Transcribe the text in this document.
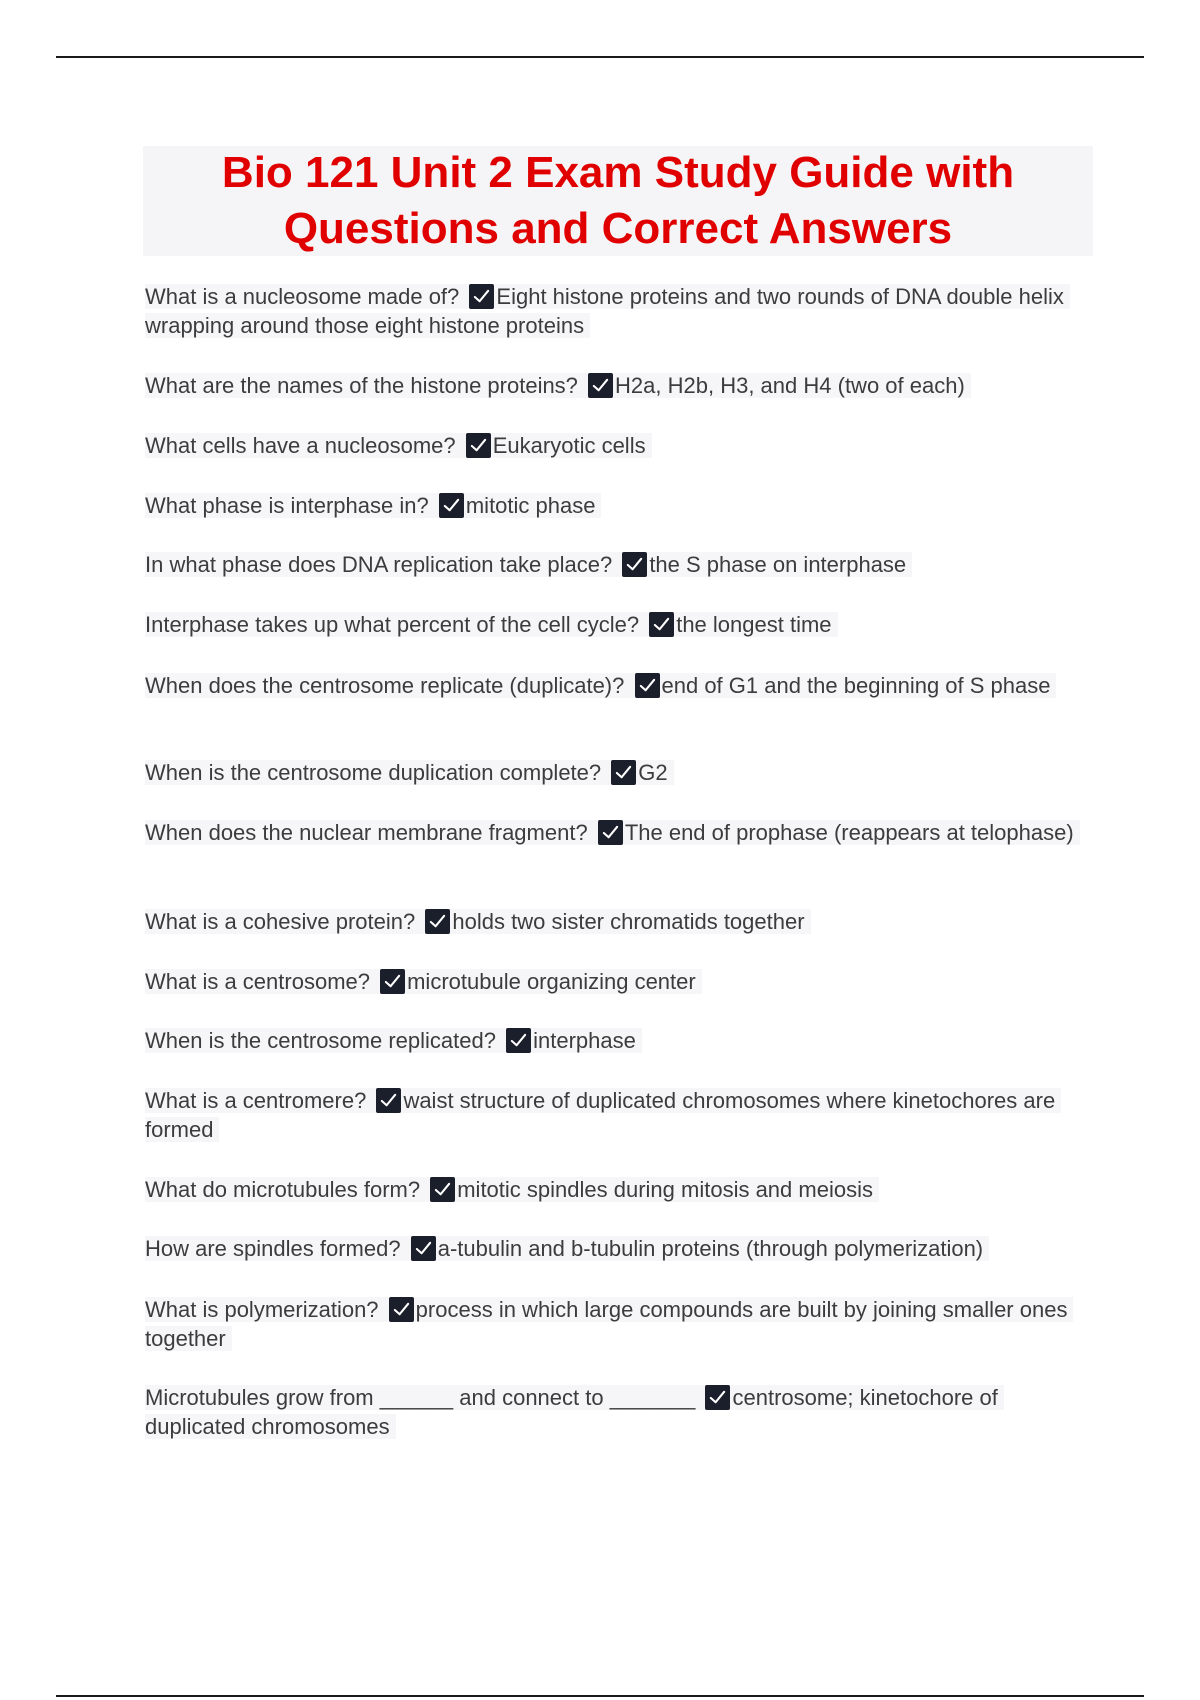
Bio 121 Unit 2 Exam Study Guide with
Questions and Correct Answers
What is a nucleosome made of? Eight histone proteins and two rounds of DNA double helix wrapping around those eight histone proteins
What are the names of the histone proteins? H2a, H2b, H3, and H4 (two of each)
What cells have a nucleosome? Eukaryotic cells
What phase is interphase in? mitotic phase
In what phase does DNA replication take place? the S phase on interphase
Interphase takes up what percent of the cell cycle? the longest time
When does the centrosome replicate (duplicate)? end of G1 and the beginning of S phase
When is the centrosome duplication complete? G2
When does the nuclear membrane fragment? The end of prophase (reappears at telophase)
What is a cohesive protein? holds two sister chromatids together
What is a centrosome? microtubule organizing center
When is the centrosome replicated? interphase
What is a centromere? waist structure of duplicated chromosomes where kinetochores are formed
What do microtubules form? mitotic spindles during mitosis and meiosis
How are spindles formed? a-tubulin and b-tubulin proteins (through polymerization)
What is polymerization? process in which large compounds are built by joining smaller ones together
Microtubules grow from ______ and connect to _______ centrosome; kinetochore of duplicated chromosomes
